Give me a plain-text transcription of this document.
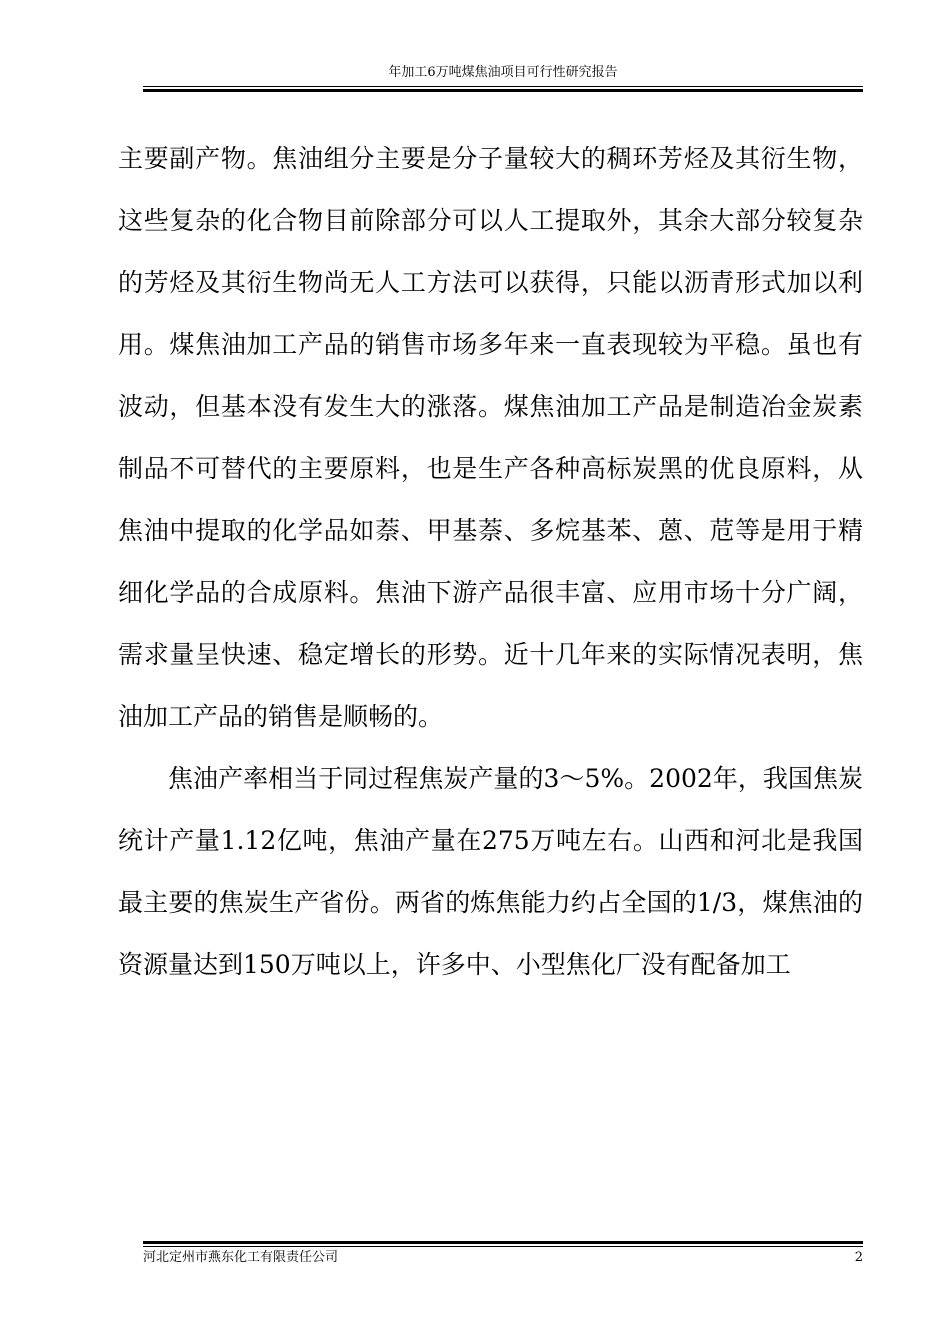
年加工6万吨煤焦油项目可行性研究报告

主要副产物。焦油组分主要是分子量较大的稠环芳烃及其衍生物，这些复杂的化合物目前除部分可以人工提取外，其余大部分较复杂的芳烃及其衍生物尚无人工方法可以获得，只能以沥青形式加以利用。煤焦油加工产品的销售市场多年来一直表现较为平稳。虽也有波动，但基本没有发生大的涨落。煤焦油加工产品是制造冶金炭素制品不可替代的主要原料，也是生产各种高标炭黑的优良原料，从焦油中提取的化学品如萘、甲基萘、多烷基苯、蒽、苊等是用于精细化学品的合成原料。焦油下游产品很丰富、应用市场十分广阔，需求量呈快速、稳定增长的形势。近十几年来的实际情况表明，焦油加工产品的销售是顺畅的。

焦油产率相当于同过程焦炭产量的3～5%。2002年，我国焦炭统计产量1.12亿吨，焦油产量在275万吨左右。山西和河北是我国最主要的焦炭生产省份。两省的炼焦能力约占全国的1/3，煤焦油的资源量达到150万吨以上，许多中、小型焦化厂没有配备加工

河北定州市燕东化工有限责任公司	2
